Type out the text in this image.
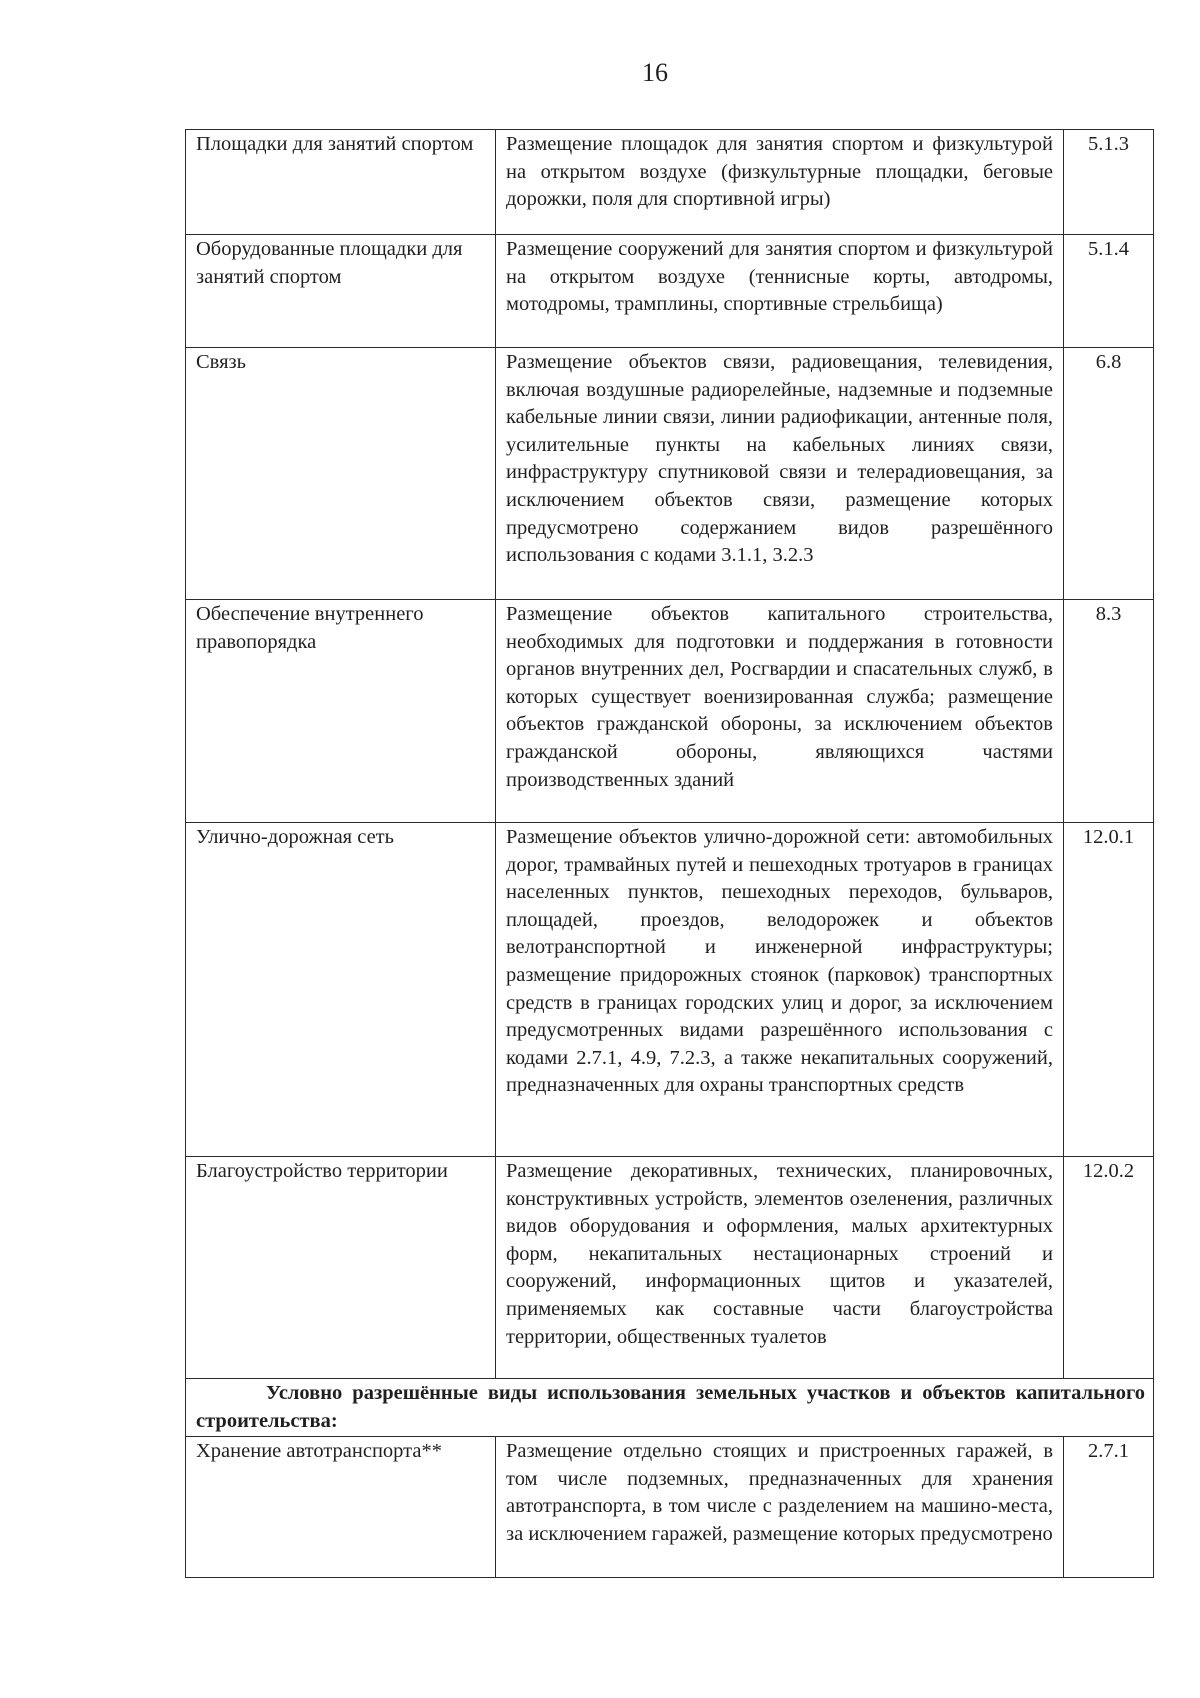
16
Площадки для занятий спортом	Размещение площадок для занятия спортом и физкультурой на открытом воздухе (физкультурные площадки, беговые дорожки, поля для спортивной игры)	5.1.3
Оборудованные площадки для занятий спортом	Размещение сооружений для занятия спортом и физкультурой на открытом воздухе (теннисные корты, автодромы, мотодромы, трамплины, спортивные стрельбища)	5.1.4
Связь	Размещение объектов связи, радиовещания, телевидения, включая воздушные радиорелейные, надземные и подземные кабельные линии связи, линии радиофикации, антенные поля, усилительные пункты на кабельных линиях связи, инфраструктуру спутниковой связи и телерадиовещания, за исключением объектов связи, размещение которых предусмотрено содержанием видов разрешённого использования с кодами 3.1.1, 3.2.3	6.8
Обеспечение внутреннего правопорядка	Размещение объектов капитального строительства, необходимых для подготовки и поддержания в готовности органов внутренних дел, Росгвардии и спасательных служб, в которых существует военизированная служба; размещение объектов гражданской обороны, за исключением объектов гражданской обороны, являющихся частями производственных зданий	8.3
Улично-дорожная сеть	Размещение объектов улично-дорожной сети: автомобильных дорог, трамвайных путей и пешеходных тротуаров в границах населенных пунктов, пешеходных переходов, бульваров, площадей, проездов, велодорожек и объектов велотранспортной и инженерной инфраструктуры; размещение придорожных стоянок (парковок) транспортных средств в границах городских улиц и дорог, за исключением предусмотренных видами разрешённого использования с кодами 2.7.1, 4.9, 7.2.3, а также некапитальных сооружений, предназначенных для охраны транспортных средств	12.0.1
Благоустройство территории	Размещение декоративных, технических, планировочных, конструктивных устройств, элементов озеленения, различных видов оборудования и оформления, малых архитектурных форм, некапитальных нестационарных строений и сооружений, информационных щитов и указателей, применяемых как составные части благоустройства территории, общественных туалетов	12.0.2
Условно разрешённые виды использования земельных участков и объектов капитального строительства:		
Хранение автотранспорта**	Размещение отдельно стоящих и пристроенных гаражей, в том числе подземных, предназначенных для хранения автотранспорта, в том числе с разделением на машино-места, за исключением гаражей, размещение которых предусмотрено	2.7.1
